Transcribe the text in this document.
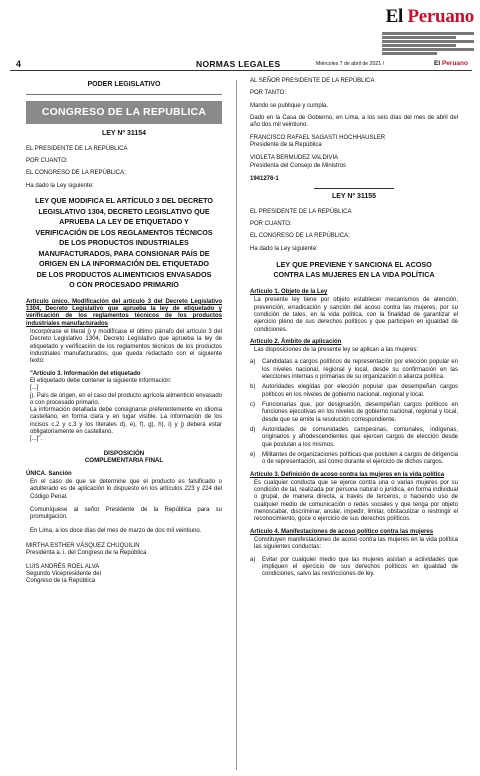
El Peruano
4	NORMAS LEGALES	Miércoles 7 de abril de 2021 /	El Peruano
PODER LEGISLATIVO
CONGRESO DE LA REPUBLICA
LEY Nº 31154

EL PRESIDENTE DE LA REPÚBLICA

POR CUANTO:

EL CONGRESO DE LA REPÚBLICA;

Ha dado la Ley siguiente:

LEY QUE MODIFICA EL ARTÍCULO 3 DEL DECRETO LEGISLATIVO 1304, DECRETO LEGISLATIVO QUE APRUEBA LA LEY DE ETIQUETADO Y VERIFICACIÓN DE LOS REGLAMENTOS TÉCNICOS DE LOS PRODUCTOS INDUSTRIALES MANUFACTURADOS, PARA CONSIGNAR PAÍS DE ORIGEN EN LA INFORMACIÓN DEL ETIQUETADO DE LOS PRODUCTOS ALIMENTICIOS ENVASADOS O CON PROCESADO PRIMARIO

Artículo único. Modificación del artículo 3 del Decreto Legislativo 1304, Decreto Legislativo que aprueba la ley de etiquetado y verificación de los reglamentos técnicos de los productos industriales manufacturados

Incorpórase el literal j) y modifícase el último párrafo del artículo 3 del Decreto Legislativo 1304, Decreto Legislativo que aprueba la ley de etiquetado y verificación de los reglamentos técnicos de los productos industriales manufacturados, que queda redactado con el siguiente texto:

"Artículo 3. Información del etiquetado
El etiquetado debe contener la siguiente información:
[...]
j). País de origen, en el caso del producto agrícola alimenticio envasado o con procesado primario.
La información detallada debe consignarse preferentemente en idioma castellano, en forma clara y en lugar visible. La información de los incisos c.2 y c.3 y los literales d), e), f), g), h), i) y j) deberá estar obligatoriamente en castellano.
[...]".
DISPOSICIÓN
COMPLEMENTARIA FINAL

ÚNICA. Sanción

En el caso de que se determine que el producto es falsificado o adulterado es de aplicación lo dispuesto en los artículos 223 y 224 del Código Penal.

Comuníquese al señor Presidente de la República para su promulgación.

En Lima, a los doce días del mes de marzo de dos mil veintiuno.

MIRTHA ESTHER VÁSQUEZ CHUQUILIN
Presidenta a. i. del Congreso de la República
LUIS ANDRÉS ROEL ALVA
Segundo Vicepresidente del
Congreso de la República

AL SEÑOR PRESIDENTE DE LA REPÚBLICA

POR TANTO:

Mando se publique y cumpla.

Dado en la Casa de Gobierno, en Lima, a los seis días del mes de abril del año dos mil veintiuno.

FRANCISCO RAFAEL SAGASTI HOCHHAUSLER
Presidente de la República
VIOLETA BERMÚDEZ VALDIVIA
Presidenta del Consejo de Ministros
1941276-1
LEY Nº 31155

EL PRESIDENTE DE LA REPÚBLICA

POR CUANTO:

EL CONGRESO DE LA REPÚBLICA;

Ha dado la Ley siguiente:

LEY QUE PREVIENE Y SANCIONA EL ACOSO CONTRA LAS MUJERES EN LA VIDA POLÍTICA

Artículo 1. Objeto de la Ley

La presente ley tiene por objeto establecer mecanismos de atención, prevención, erradicación y sanción del acoso contra las mujeres, por su condición de tales, en la vida política, con la finalidad de garantizar el ejercicio pleno de sus derechos políticos y que participen en igualdad de condiciones.

Artículo 2. Ámbito de aplicación

Las disposiciones de la presente ley se aplican a las mujeres:

a)	Candidatas a cargos políticos de representación por elección popular en los niveles nacional, regional y local, desde su confirmación en las elecciones internas o primarias de su organización o alianza política.
b)	Autoridades elegidas por elección popular que desempeñan cargos políticos en los niveles de gobierno nacional, regional y local.
c)	Funcionarias que, por designación, desempeñan cargos políticos en funciones ejecutivas en los niveles de gobierno nacional, regional y local, desde que se emite la resolución correspondiente.
d)	Autoridades de comunidades campesinas, comunales, indígenas, originarios y afrodescendientes que ejercen cargos de elección desde que postulan a los mismos.
e)	Militantes de organizaciones políticas que postulen a cargos de dirigencia o de representación, así como durante el ejercicio de dichos cargos.

Artículo 3. Definición de acoso contra las mujeres en la vida política

Es cualquier conducta que se ejerce contra una o varias mujeres por su condición de tal, realizada por persona natural o jurídica, en forma individual o grupal, de manera directa, a través de terceros, o haciendo uso de cualquier medio de comunicación o redes sociales y que tenga por objeto menoscabar, discriminar, anular, impedir, limitar, obstaculizar o restringir el reconocimiento, goce o ejercicio de sus derechos políticos.

Artículo 4. Manifestaciones de acoso político contra las mujeres

Constituyen manifestaciones de acoso contra las mujeres en la vida política las siguientes conductas:

a)	Evitar por cualquier medio que las mujeres asistan a actividades que impliquen el ejercicio de sus derechos políticos en igualdad de condiciones, salvo las restricciones de ley.
